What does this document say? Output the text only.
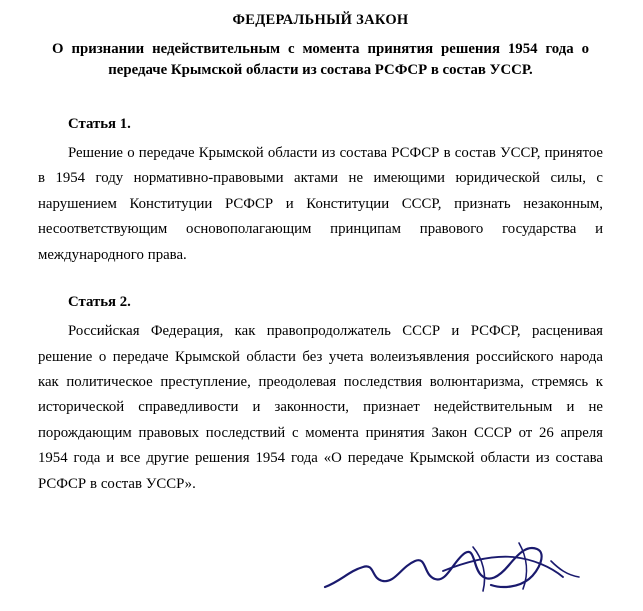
ФЕДЕРАЛЬНЫЙ ЗАКОН
О признании недействительным с момента принятия решения 1954 года о передаче Крымской области из состава РСФСР в состав УССР.
Статья 1.

Решение о передаче Крымской области из состава РСФСР в состав УССР, принятое в 1954 году нормативно-правовыми актами не имеющими юридической силы, с нарушением Конституции РСФСР и Конституции СССР, признать незаконным, несоответствующим основополагающим принципам правового государства и международного права.

Статья 2.

Российская Федерация, как правопродолжатель СССР и РСФСР, расценивая решение о передаче Крымской области без учета волеизъявления российского народа как политическое преступление, преодолевая последствия волюнтаризма, стремясь к исторической справедливости и законности, признает недействительным и не порождающим правовых последствий с момента принятия Закон СССР от 26 апреля 1954 года и все другие решения 1954 года «О передаче Крымской области из состава РСФСР в состав УССР».
